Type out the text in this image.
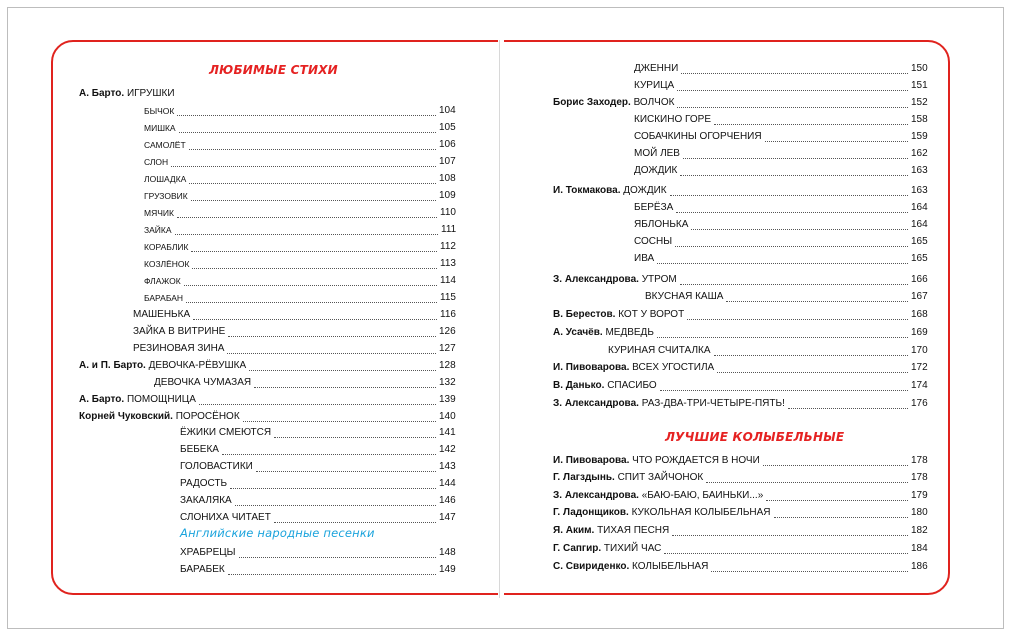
ЛЮБИМЫЕ СТИХИ
Английские народные песенки
ЛУЧШИЕ КОЛЫБЕЛЬНЫЕ
А. Барто. ИГРУШКИ
БЫЧОК	104
МИШКА	105
САМОЛЁТ	106
СЛОН	107
ЛОШАДКА	108
ГРУЗОВИК	109
МЯЧИК	110
ЗАЙКА	111
КОРАБЛИК	112
КОЗЛЁНОК	113
ФЛАЖОК	114
БАРАБАН	115
МАШЕНЬКА	116
ЗАЙКА В ВИТРИНЕ	126
РЕЗИНОВАЯ ЗИНА	127
А. и П. Барто. ДЕВОЧКА-РЁВУШКА	128
ДЕВОЧКА ЧУМАЗАЯ	132
А. Барто. ПОМОЩНИЦА	139
Корней Чуковский. ПОРОСЁНОК	140
ЁЖИКИ СМЕЮТСЯ	141
БЕБЕКА	142
ГОЛОВАСТИКИ	143
РАДОСТЬ	144
ЗАКАЛЯКА	146
СЛОНИХА ЧИТАЕТ	147
ХРАБРЕЦЫ	148
БАРАБЕК	149
ДЖЕННИ	150
КУРИЦА	151
Борис Заходер. ВОЛЧОК	152
КИСКИНО ГОРЕ	158
СОБАЧКИНЫ ОГОРЧЕНИЯ	159
МОЙ ЛЕВ	162
ДОЖДИК	163
И. Токмакова. ДОЖДИК	163
БЕРЁЗА	164
ЯБЛОНЬКА	164
СОСНЫ	165
ИВА	165
З. Александрова. УТРОМ	166
ВКУСНАЯ КАША	167
В. Берестов. КОТ У ВОРОТ	168
А. Усачёв. МЕДВЕДЬ	169
КУРИНАЯ СЧИТАЛКА	170
И. Пивоварова. ВСЕХ УГОСТИЛА	172
В. Данько. СПАСИБО	174
З. Александрова. РАЗ-ДВА-ТРИ-ЧЕТЫРЕ-ПЯТЬ!	176
И. Пивоварова. ЧТО РОЖДАЕТСЯ В НОЧИ	178
Г. Лагздынь. СПИТ ЗАЙЧОНОК	178
З. Александрова. «БАЮ-БАЮ, БАИНЬКИ...»	179
Г. Ладонщиков. КУКОЛЬНАЯ КОЛЫБЕЛЬНАЯ	180
Я. Аким. ТИХАЯ ПЕСНЯ	182
Г. Сапгир. ТИХИЙ ЧАС	184
С. Свириденко. КОЛЫБЕЛЬНАЯ	186
